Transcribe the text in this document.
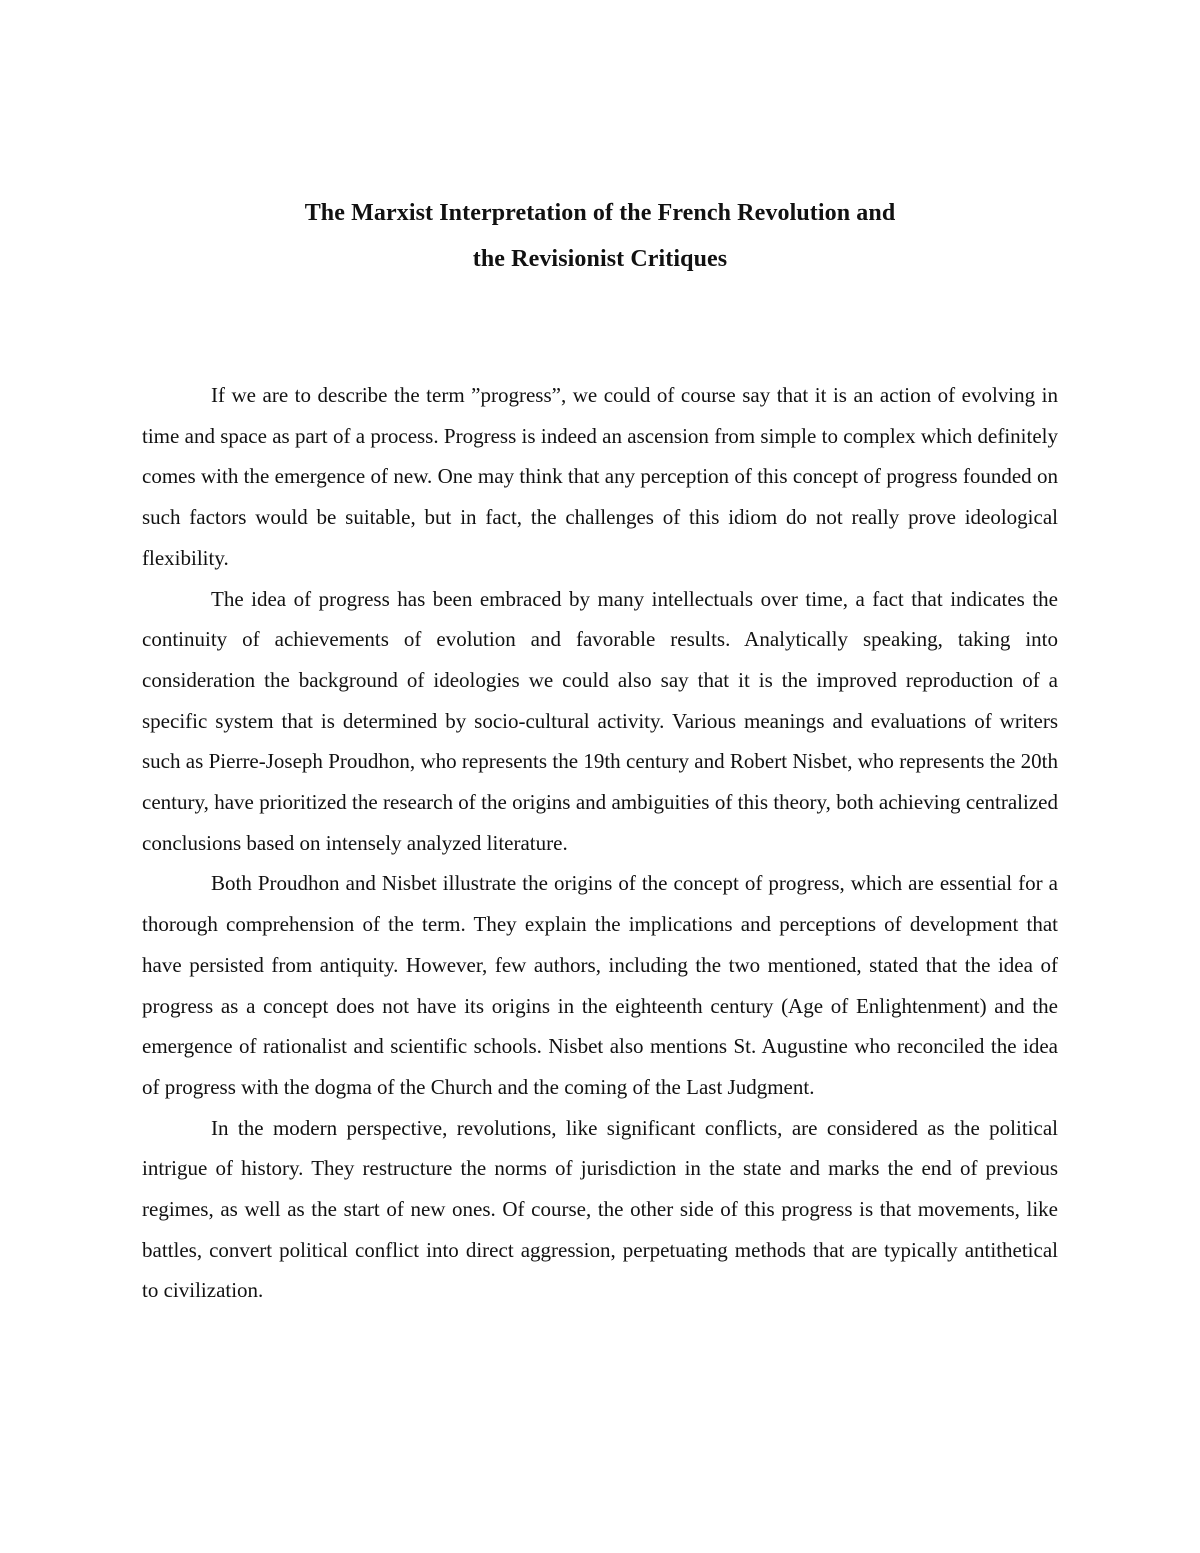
The Marxist Interpretation of the French Revolution and
the Revisionist Critiques

If we are to describe the term ”progress”, we could of course say that it is an action of evolving in time and space as part of a process. Progress is indeed an ascension from simple to complex which definitely comes with the emergence of new. One may think that any perception of this concept of progress founded on such factors would be suitable, but in fact, the challenges of this idiom do not really prove ideological flexibility.

The idea of progress has been embraced by many intellectuals over time, a fact that indicates the continuity of achievements of evolution and favorable results. Analytically speaking, taking into consideration the background of ideologies we could also say that it is the improved reproduction of a specific system that is determined by socio-cultural activity. Various meanings and evaluations of writers such as Pierre-Joseph Proudhon, who represents the 19th century and Robert Nisbet, who represents the 20th century, have prioritized the research of the origins and ambiguities of this theory, both achieving centralized conclusions based on intensely analyzed literature.

Both Proudhon and Nisbet illustrate the origins of the concept of progress, which are essential for a thorough comprehension of the term. They explain the implications and perceptions of development that have persisted from antiquity. However, few authors, including the two mentioned, stated that the idea of progress as a concept does not have its origins in the eighteenth century (Age of Enlightenment) and the emergence of rationalist and scientific schools. Nisbet also mentions St. Augustine who reconciled the idea of progress with the dogma of the Church and the coming of the Last Judgment.

In the modern perspective, revolutions, like significant conflicts, are considered as the political intrigue of history. They restructure the norms of jurisdiction in the state and marks the end of previous regimes, as well as the start of new ones. Of course, the other side of this progress is that movements, like battles, convert political conflict into direct aggression, perpetuating methods that are typically antithetical to civilization.
